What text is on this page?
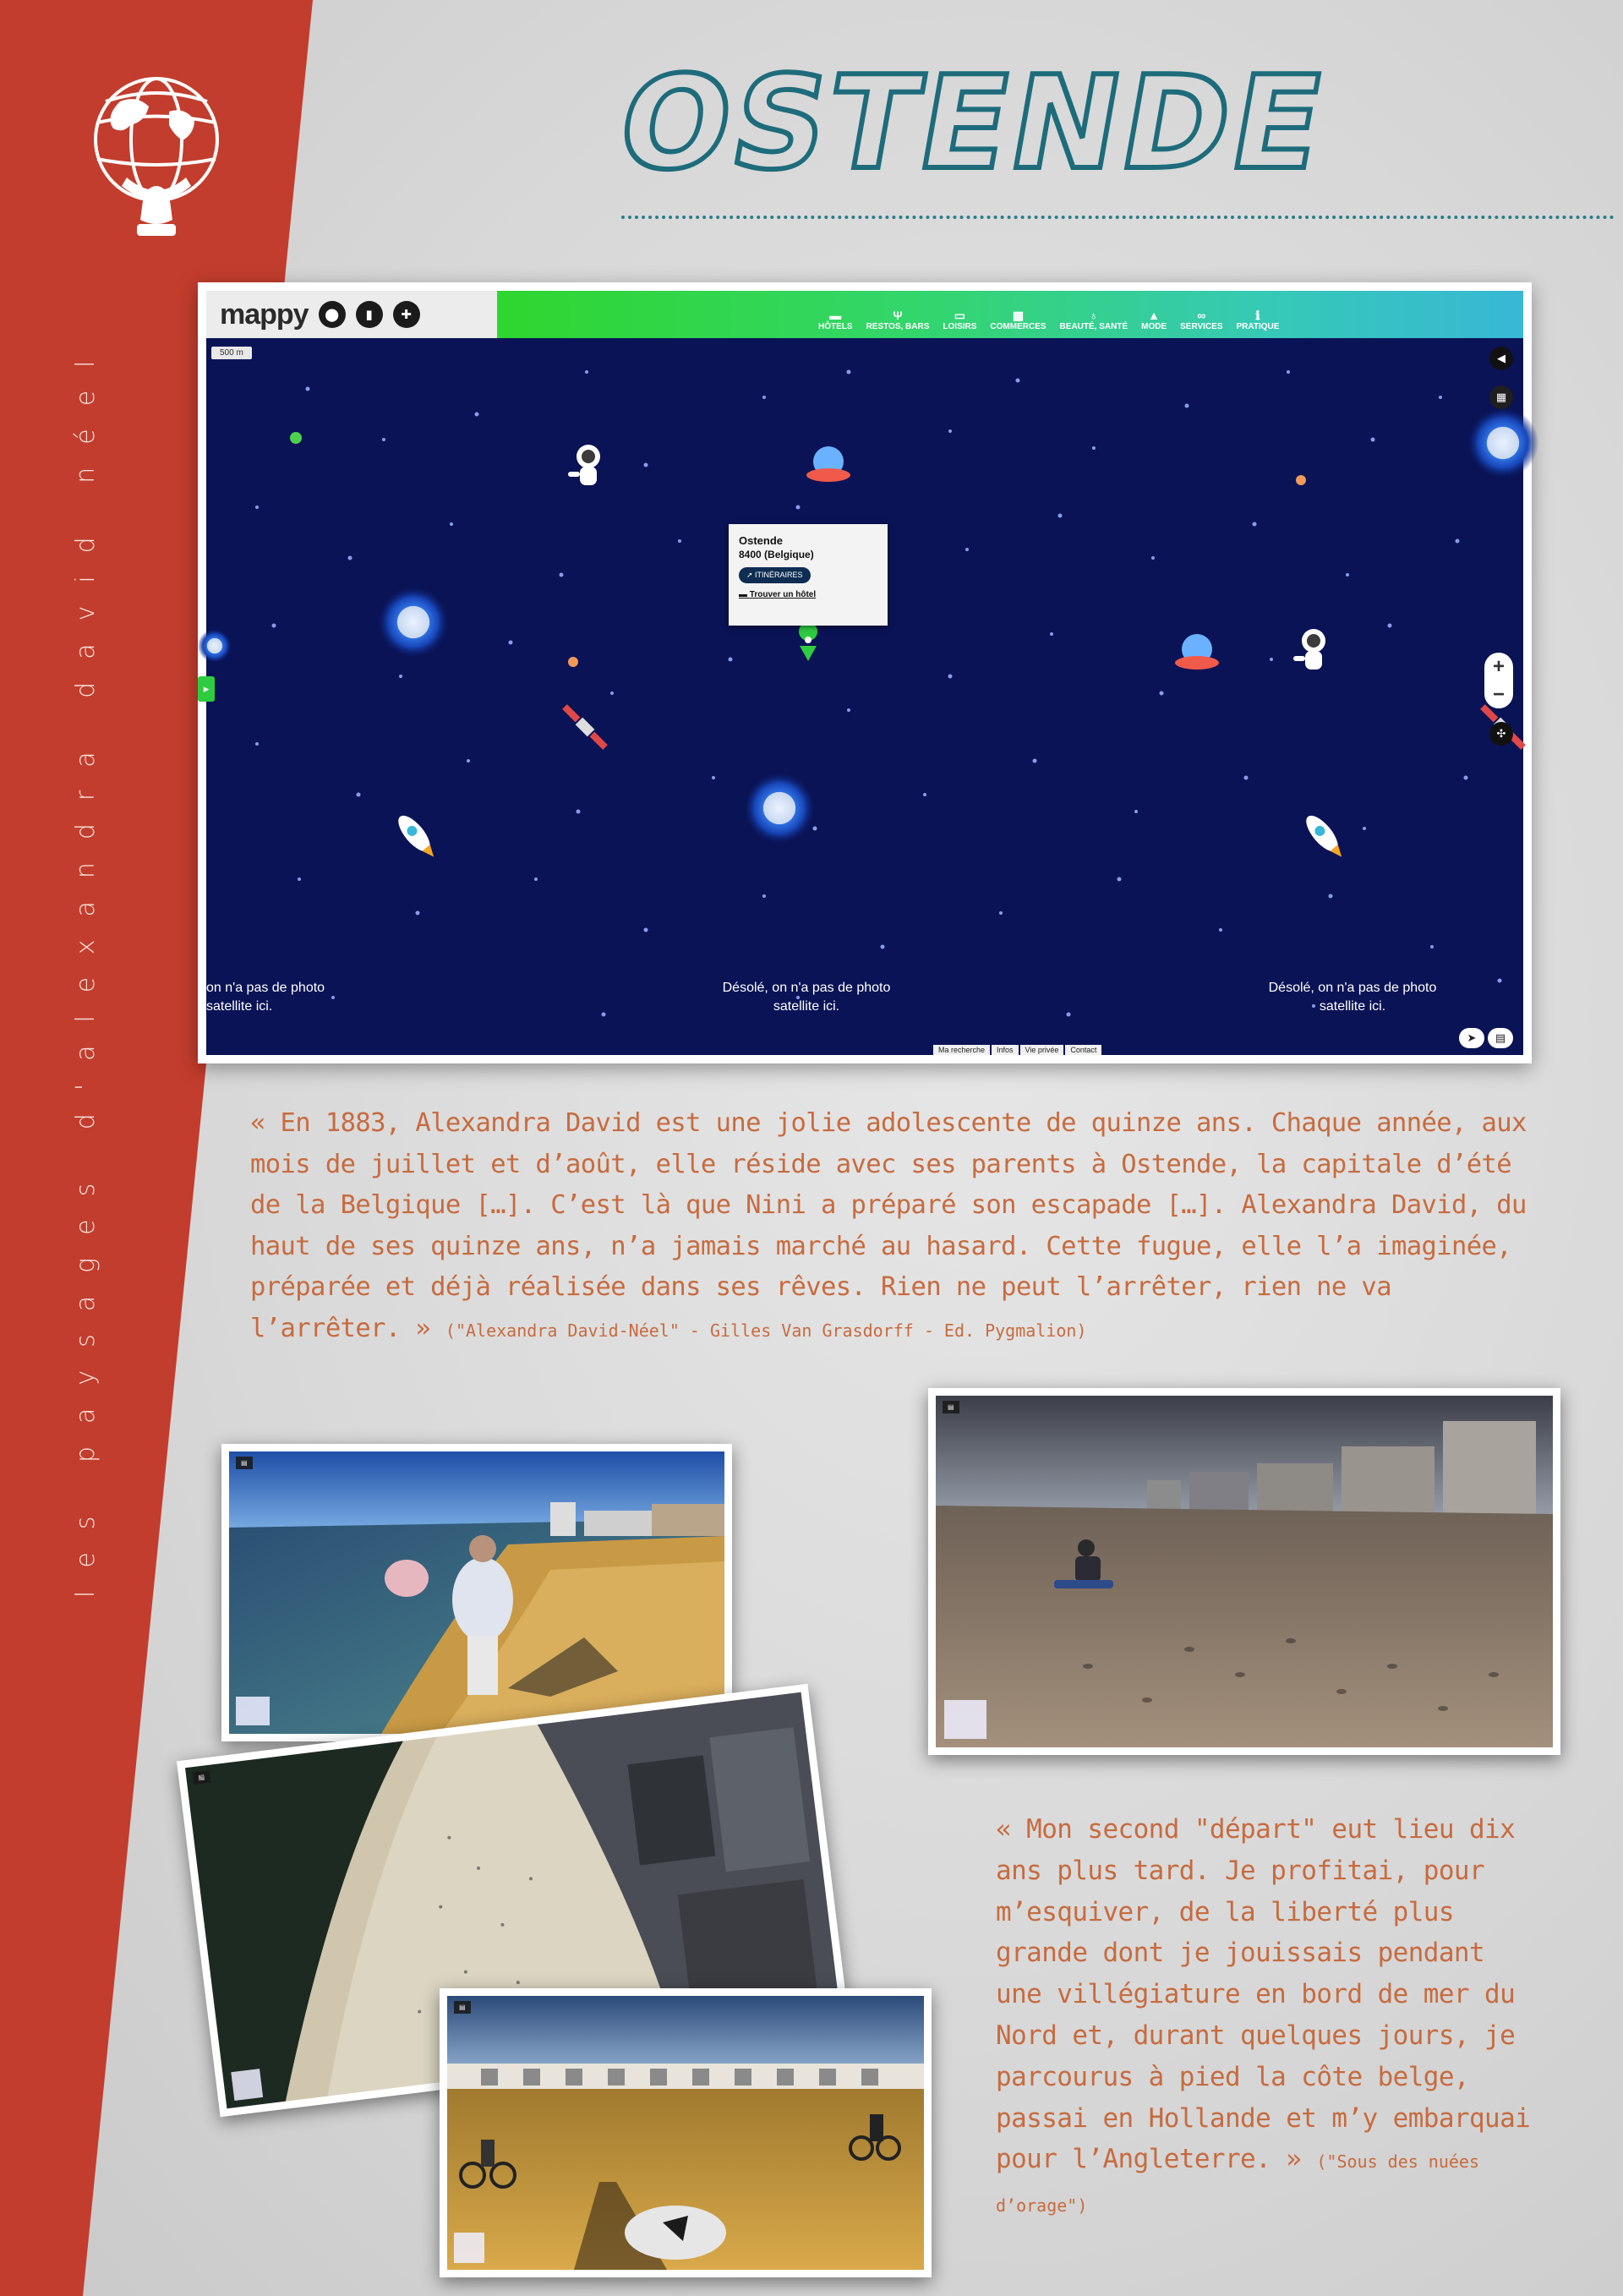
les paysages d'alexandra david néel
OSTENDE
mappy	⬤	▮	✚	▬
HÔTELS
Ψ
RESTOS, BARS
▭
LOISIRS
▦
COMMERCES
♁
BEAUTÉ, SANTÉ
▲
MODE
∞
SERVICES
ℹ
PRATIQUE
500 m
Ostende
8400 (Belgique)
➚ ITINÉRAIRES
▬ Trouver un hôtel
on n'a pas de photo
satellite ici.
Désolé, on n'a pas de photo
satellite ici.
Désolé, on n'a pas de photo
satellite ici.
◀
▦
+
−
✣
▸
Ma recherche	Infos	Vie privée	Contact
➤	▤
« En 1883, Alexandra David est une jolie adolescente de quinze ans. Chaque année, aux mois de juillet et d’août, elle réside avec ses parents à Ostende, la capitale d’été de la Belgique […]. C’est là que Nini a préparé son escapade […]. Alexandra David, du haut de ses quinze ans, n’a jamais marché au hasard. Cette fugue, elle l’a imaginée, préparée et déjà réalisée dans ses rêves. Rien ne peut l’arrêter, rien ne va l’arrêter. » ("Alexandra David-Néel" - Gilles Van Grasdorff - Ed. Pygmalion)
▤
▤
▤
▤
« Mon second "départ" eut lieu dix ans plus tard. Je profitai, pour m’esquiver, de la liberté plus grande dont je jouissais pendant une villégiature en bord de mer du Nord et, durant quelques jours, je parcourus à pied la côte belge, passai en Hollande et m’y embarquai pour l’Angleterre. » ("Sous des nuées d’orage")
